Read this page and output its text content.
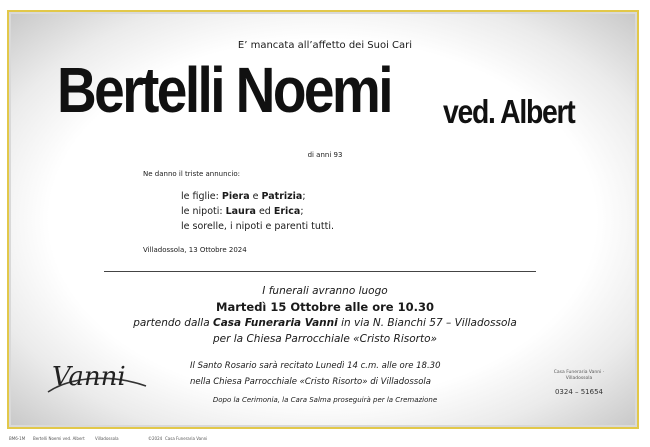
E’ mancata all’affetto dei Suoi Cari
Bertelli Noemi ved. Albert
di anni 93
Ne danno il triste annuncio:
le figlie: Piera e Patrizia;
le nipoti: Laura ed Erica;
le sorelle, i nipoti e parenti tutti.
Villadossola, 13 Ottobre 2024
I funerali avranno luogo
Martedì 15 Ottobre alle ore 10.30
partendo dalla Casa Funeraria Vanni in via N. Bianchi 57 – Villadossola
per la Chiesa Parrocchiale «Cristo Risorto»
Il Santo Rosario sarà recitato Lunedì 14 c.m. alle ore 18.30
nella Chiesa Parrocchiale «Cristo Risorto» di Villadossola
Dopo la Cerimonia, la Cara Salma proseguirà per la Cremazione
Vanni	Casa Funeraria Vanni · Villadossola
0324 – 51654
BM6-1M Bertelli Noemi ved. Albert	Villadossola	©2024 Casa Funeraria Vanni
